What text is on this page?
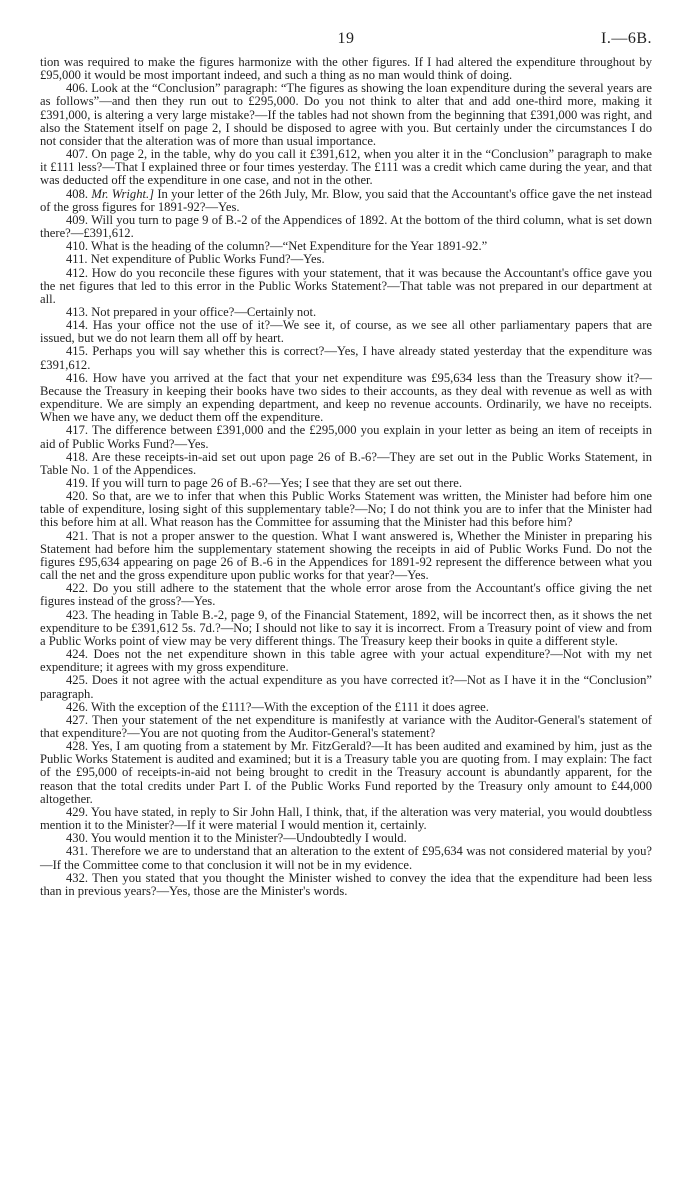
19	I.—6B.

tion was required to make the figures harmonize with the other figures. If I had altered the expenditure throughout by £95,000 it would be most important indeed, and such a thing as no man would think of doing.

406. Look at the “Conclusion” paragraph: “The figures as showing the loan expenditure during the several years are as follows”—and then they run out to £295,000. Do you not think to alter that and add one-third more, making it £391,000, is altering a very large mistake?—If the tables had not shown from the beginning that £391,000 was right, and also the Statement itself on page 2, I should be disposed to agree with you. But certainly under the circumstances I do not consider that the alteration was of more than usual importance.

407. On page 2, in the table, why do you call it £391,612, when you alter it in the “Conclusion” paragraph to make it £111 less?—That I explained three or four times yesterday. The £111 was a credit which came during the year, and that was deducted off the expenditure in one case, and not in the other.

408. Mr. Wright.] In your letter of the 26th July, Mr. Blow, you said that the Accountant's office gave the net instead of the gross figures for 1891-92?—Yes.

409. Will you turn to page 9 of B.-2 of the Appendices of 1892. At the bottom of the third column, what is set down there?—£391,612.

410. What is the heading of the column?—“Net Expenditure for the Year 1891-92.”

411. Net expenditure of Public Works Fund?—Yes.

412. How do you reconcile these figures with your statement, that it was because the Accountant's office gave you the net figures that led to this error in the Public Works Statement?—That table was not prepared in our department at all.

413. Not prepared in your office?—Certainly not.

414. Has your office not the use of it?—We see it, of course, as we see all other parliamentary papers that are issued, but we do not learn them all off by heart.

415. Perhaps you will say whether this is correct?—Yes, I have already stated yesterday that the expenditure was £391,612.

416. How have you arrived at the fact that your net expenditure was £95,634 less than the Treasury show it?—Because the Treasury in keeping their books have two sides to their accounts, as they deal with revenue as well as with expenditure. We are simply an expending department, and keep no revenue accounts. Ordinarily, we have no receipts. When we have any, we deduct them off the expenditure.

417. The difference between £391,000 and the £295,000 you explain in your letter as being an item of receipts in aid of Public Works Fund?—Yes.

418. Are these receipts-in-aid set out upon page 26 of B.-6?—They are set out in the Public Works Statement, in Table No. 1 of the Appendices.

419. If you will turn to page 26 of B.-6?—Yes; I see that they are set out there.

420. So that, are we to infer that when this Public Works Statement was written, the Minister had before him one table of expenditure, losing sight of this supplementary table?—No; I do not think you are to infer that the Minister had this before him at all. What reason has the Committee for assuming that the Minister had this before him?

421. That is not a proper answer to the question. What I want answered is, Whether the Minister in preparing his Statement had before him the supplementary statement showing the receipts in aid of Public Works Fund. Do not the figures £95,634 appearing on page 26 of B.-6 in the Appendices for 1891-92 represent the difference between what you call the net and the gross expenditure upon public works for that year?—Yes.

422. Do you still adhere to the statement that the whole error arose from the Accountant's office giving the net figures instead of the gross?—Yes.

423. The heading in Table B.-2, page 9, of the Financial Statement, 1892, will be incorrect then, as it shows the net expenditure to be £391,612 5s. 7d.?—No; I should not like to say it is incorrect. From a Treasury point of view and from a Public Works point of view may be very different things. The Treasury keep their books in quite a different style.

424. Does not the net expenditure shown in this table agree with your actual expenditure?—Not with my net expenditure; it agrees with my gross expenditure.

425. Does it not agree with the actual expenditure as you have corrected it?—Not as I have it in the “Conclusion” paragraph.

426. With the exception of the £111?—With the exception of the £111 it does agree.

427. Then your statement of the net expenditure is manifestly at variance with the Auditor-General's statement of that expenditure?—You are not quoting from the Auditor-General's statement?

428. Yes, I am quoting from a statement by Mr. FitzGerald?—It has been audited and examined by him, just as the Public Works Statement is audited and examined; but it is a Treasury table you are quoting from. I may explain: The fact of the £95,000 of receipts-in-aid not being brought to credit in the Treasury account is abundantly apparent, for the reason that the total credits under Part I. of the Public Works Fund reported by the Treasury only amount to £44,000 altogether.

429. You have stated, in reply to Sir John Hall, I think, that, if the alteration was very material, you would doubtless mention it to the Minister?—If it were material I would mention it, certainly.

430. You would mention it to the Minister?—Undoubtedly I would.

431. Therefore we are to understand that an alteration to the extent of £95,634 was not considered material by you?—If the Committee come to that conclusion it will not be in my evidence.

432. Then you stated that you thought the Minister wished to convey the idea that the expenditure had been less than in previous years?—Yes, those are the Minister's words.
